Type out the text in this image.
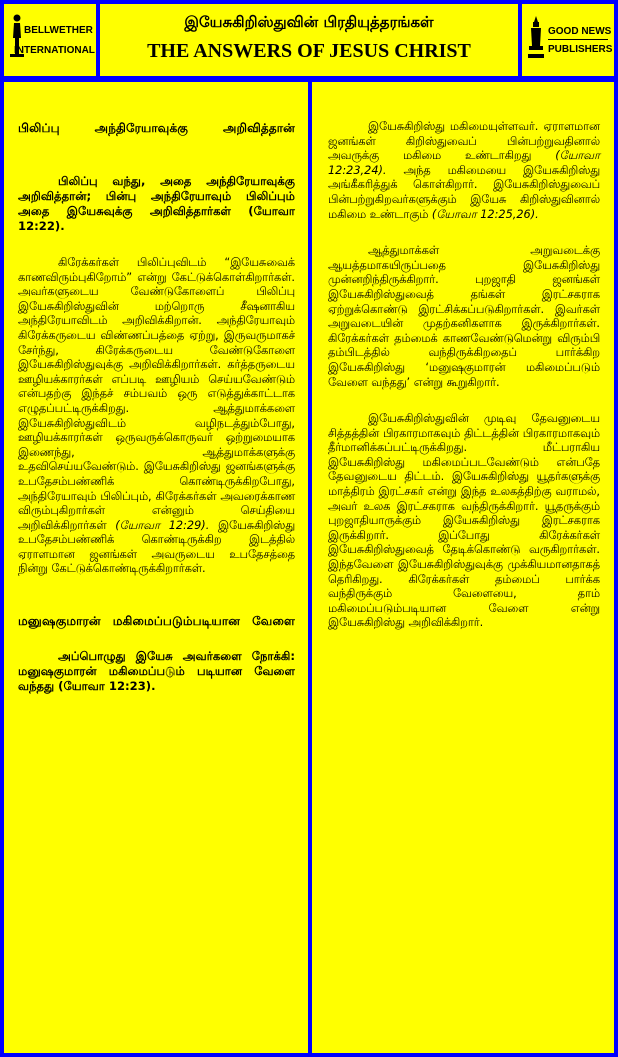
BELLWETHER
INTERNATIONAL
இயேசுகிறிஸ்துவின் பிரதியுத்தரங்கள்
THE ANSWERS OF JESUS CHRIST
GOOD NEWS
PUBLISHERS

பிலிப்பு அந்திரேயாவுக்கு அறிவித்தான்

பிலிப்பு வந்து, அதை அந்திரேயாவுக்கு அறிவித்தான்; பின்பு அந்திரேயாவும் பிலிப்பும் அதை இயேசுவுக்கு அறிவித்தார்கள் (யோவா 12:22).

கிரேக்கர்கள் பிலிப்புவிடம் “இயேசுவைக் காணவிரும்புகிறோம்” என்று கேட்டுக்கொள்கிறார்கள். அவர்களுடைய வேண்டுகோளைப் பிலிப்பு இயேசுகிறிஸ்துவின் மற்றொரு சீஷனாகிய அந்திரேயாவிடம் அறிவிக்கிறான். அந்திரேயாவும் கிரேக்கருடைய விண்ணப்பத்தை ஏற்று, இருவருமாகச் சேர்ந்து, கிரேக்கருடைய வேண்டுகோளை இயேசுகிறிஸ்துவுக்கு அறிவிக்கிறார்கள். கர்த்தருடைய ஊழியக்காரர்கள் எப்படி ஊழியம் செய்யவேண்டும் என்பதற்கு இந்தச் சம்பவம் ஒரு எடுத்துக்காட்டாக எழுதப்பட்டிருக்கிறது. ஆத்துமாக்களை இயேசுகிறிஸ்துவிடம் வழிநடத்தும்போது, ஊழியக்காரர்கள் ஒருவருக்கொருவர் ஒற்றுமையாக இணைந்து, ஆத்துமாக்களுக்கு உதவிசெய்யவேண்டும். இயேசுகிறிஸ்து ஜனங்களுக்கு உபதேசம்பண்ணிக் கொண்டிருக்கிறபோது, அந்திரேயாவும் பிலிப்பும், கிரேக்கர்கள் அவரைக்காண விரும்புகிறார்கள் என்னும் செய்தியை அறிவிக்கிறார்கள் (யோவா 12:29). இயேசுகிறிஸ்து உபதேசம்பண்ணிக் கொண்டிருக்கிற இடத்தில் ஏராளமான ஜனங்கள் அவருடைய உபதேசத்தை நின்று கேட்டுக்கொண்டிருக்கிறார்கள்.

மனுஷகுமாரன் மகிமைப்படும்படியான வேளை

அப்பொழுது இயேசு அவர்களை நோக்கி: மனுஷகுமாரன் மகிமைப்படும் படியான வேளை வந்தது (யோவா 12:23).

இயேசுகிறிஸ்து மகிமையுள்ளவர். ஏராளமான ஜனங்கள் கிறிஸ்துவைப் பின்பற்றுவதினால் அவருக்கு மகிமை உண்டாகிறது (யோவா 12:23,24). அந்த மகிமையை இயேசுகிறிஸ்து அங்கீகரித்துக் கொள்கிறார். இயேசுகிறிஸ்துவைப் பின்பற்றுகிறவர்களுக்கும் இயேசு கிறிஸ்துவினால் மகிமை உண்டாகும் (யோவா 12:25,26).

ஆத்துமாக்கள் அறுவடைக்கு ஆயத்தமாகயிருப்பதை இயேசுகிறிஸ்து முன்னறிந்திருக்கிறார். புறஜாதி ஜனங்கள் இயேசுகிறிஸ்துவைத் தங்கள் இரட்சகராக ஏற்றுக்கொண்டு இரட்சிக்கப்படுகிறார்கள். இவர்கள் அறுவடையின் முதற்கனிகளாக இருக்கிறார்கள். கிரேக்கர்கள் தம்மைக் காணவேண்டுமென்று விரும்பி தம்பிடத்தில் வந்திருக்கிறதைப் பார்க்கிற இயேசுகிறிஸ்து ‘மனுஷகுமாரன் மகிமைப்படும் வேளை வந்தது’ என்று கூறுகிறார்.

இயேசுகிறிஸ்துவின் முடிவு தேவனுடைய சித்தத்தின் பிரகாரமாகவும் திட்டத்தின் பிரகாரமாகவும் தீர்மானிக்கப்பட்டிருக்கிறது. மீட்பராகிய இயேசுகிறிஸ்து மகிமைப்படவேண்டும் என்பதே தேவனுடைய திட்டம். இயேசுகிறிஸ்து யூதர்களுக்கு மாத்திரம் இரட்சகர் என்று இந்த உலகத்திற்கு வராமல், அவர் உலக இரட்சகராக வந்திருக்கிறார். யூதருக்கும் புறஜாதியாருக்கும் இயேசுகிறிஸ்து இரட்சகராக இருக்கிறார். இப்போது கிரேக்கர்கள் இயேசுகிறிஸ்துவைத் தேடிக்கொண்டு வருகிறார்கள். இந்தவேளை இயேசுகிறிஸ்துவுக்கு முக்கியமானதாகத் தெரிகிறது. கிரேக்கர்கள் தம்மைப் பார்க்க வந்திருக்கும் வேளையை, தாம் மகிமைப்படும்படியான வேளை என்று இயேசுகிறிஸ்து அறிவிக்கிறார்.
